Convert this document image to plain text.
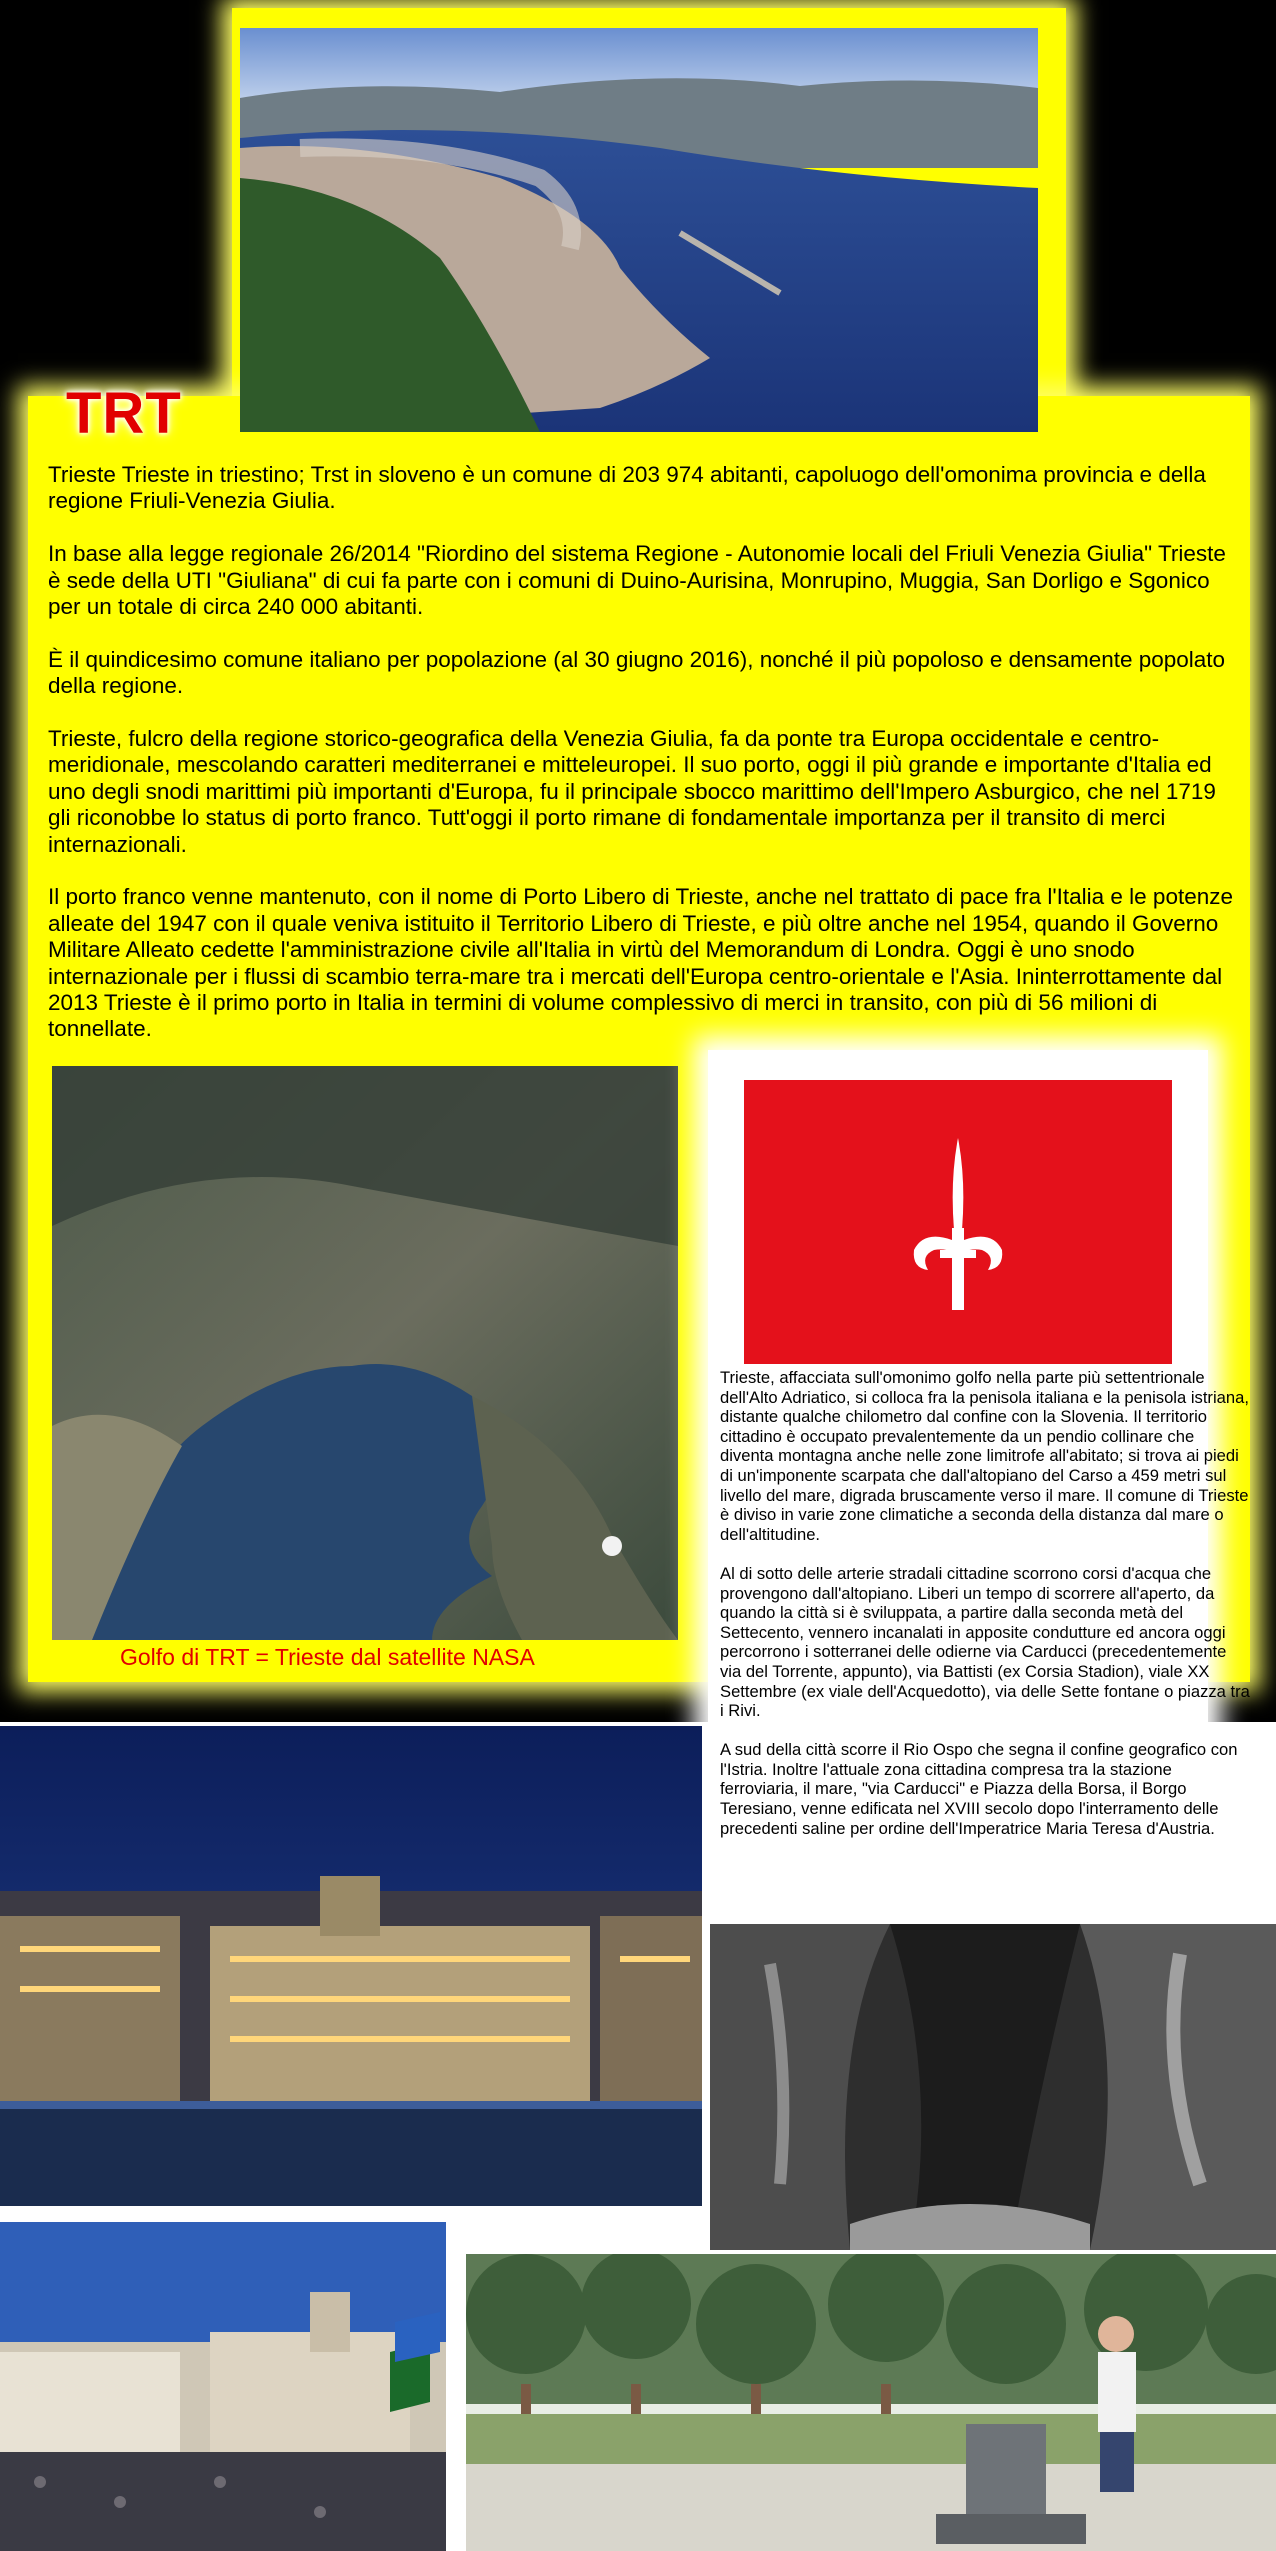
TRT

Trieste Trieste in triestino; Trst in sloveno è un comune di 203 974 abitanti, capoluogo dell'omonima provincia e della regione Friuli-Venezia Giulia.

In base alla legge regionale 26/2014 "Riordino del sistema Regione - Autonomie locali del Friuli Venezia Giulia" Trieste è sede della UTI "Giuliana" di cui fa parte con i comuni di Duino-Aurisina, Monrupino, Muggia, San Dorligo e Sgonico per un totale di circa 240 000 abitanti.

È il quindicesimo comune italiano per popolazione (al 30 giugno 2016), nonché il più popoloso e densamente popolato della regione.

Trieste, fulcro della regione storico-geografica della Venezia Giulia, fa da ponte tra Europa occidentale e centro-meridionale, mescolando caratteri mediterranei e mitteleuropei. Il suo porto, oggi il più grande e importante d'Italia ed uno degli snodi marittimi più importanti d'Europa, fu il principale sbocco marittimo dell'Impero Asburgico, che nel 1719 gli riconobbe lo status di porto franco. Tutt'oggi il porto rimane di fondamentale importanza per il transito di merci internazionali.

Il porto franco venne mantenuto, con il nome di Porto Libero di Trieste, anche nel trattato di pace fra l'Italia e le potenze alleate del 1947 con il quale veniva istituito il Territorio Libero di Trieste, e più oltre anche nel 1954, quando il Governo Militare Alleato cedette l'amministrazione civile all'Italia in virtù del Memorandum di Londra. Oggi è uno snodo internazionale per i flussi di scambio terra-mare tra i mercati dell'Europa centro-orientale e l'Asia. Ininterrottamente dal 2013 Trieste è il primo porto in Italia in termini di volume complessivo di merci in transito, con più di 56 milioni di tonnellate.

Golfo di TRT = Trieste dal satellite NASA

Trieste, affacciata sull'omonimo golfo nella parte più settentrionale dell'Alto Adriatico, si colloca fra la penisola italiana e la penisola istriana, distante qualche chilometro dal confine con la Slovenia. Il territorio cittadino è occupato prevalentemente da un pendio collinare che diventa montagna anche nelle zone limitrofe all'abitato; si trova ai piedi di un'imponente scarpata che dall'altopiano del Carso a 459 metri sul livello del mare, digrada bruscamente verso il mare. Il comune di Trieste è diviso in varie zone climatiche a seconda della distanza dal mare o dell'altitudine.

Al di sotto delle arterie stradali cittadine scorrono corsi d'acqua che provengono dall'altopiano. Liberi un tempo di scorrere all'aperto, da quando la città si è sviluppata, a partire dalla seconda metà del Settecento, vennero incanalati in apposite condutture ed ancora oggi percorrono i sotterranei delle odierne via Carducci (precedentemente via del Torrente, appunto), via Battisti (ex Corsia Stadion), viale XX Settembre (ex viale dell'Acquedotto), via delle Sette fontane o piazza tra i Rivi.

A sud della città scorre il Rio Ospo che segna il confine geografico con l'Istria. Inoltre l'attuale zona cittadina compresa tra la stazione ferroviaria, il mare, "via Carducci" e Piazza della Borsa, il Borgo Teresiano, venne edificata nel XVIII secolo dopo l'interramento delle precedenti saline per ordine dell'Imperatrice Maria Teresa d'Austria.
